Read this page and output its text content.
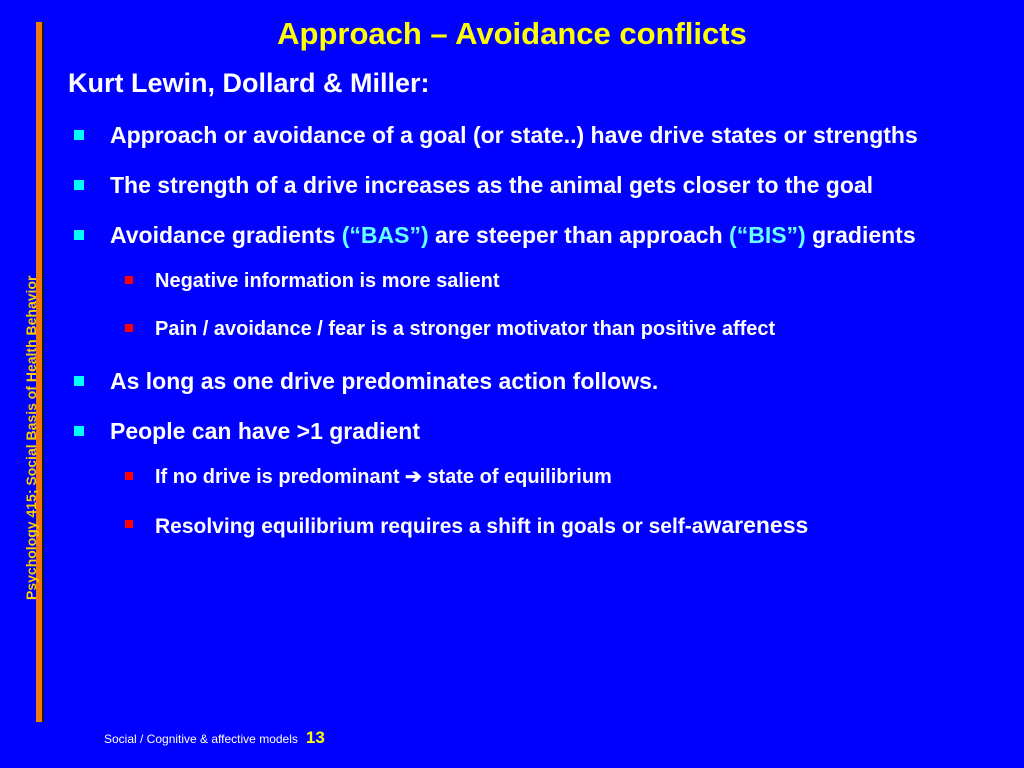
Psychology 415; Social Basis of Health Behavior
Approach – Avoidance conflicts
Kurt Lewin, Dollard & Miller:
Approach or avoidance of a goal (or state..) have drive states or strengths
The strength of a drive increases as the animal gets closer to the goal
Avoidance gradients (“BAS”) are steeper than approach (“BIS”) gradients
Negative information is more salient
Pain / avoidance / fear is a stronger motivator than positive affect
As long as one drive predominates action follows.
People can have >1 gradient
If no drive is predominant ➔ state of equilibrium
Resolving equilibrium requires a shift in goals or self-awareness
Social / Cognitive & affective models 13
